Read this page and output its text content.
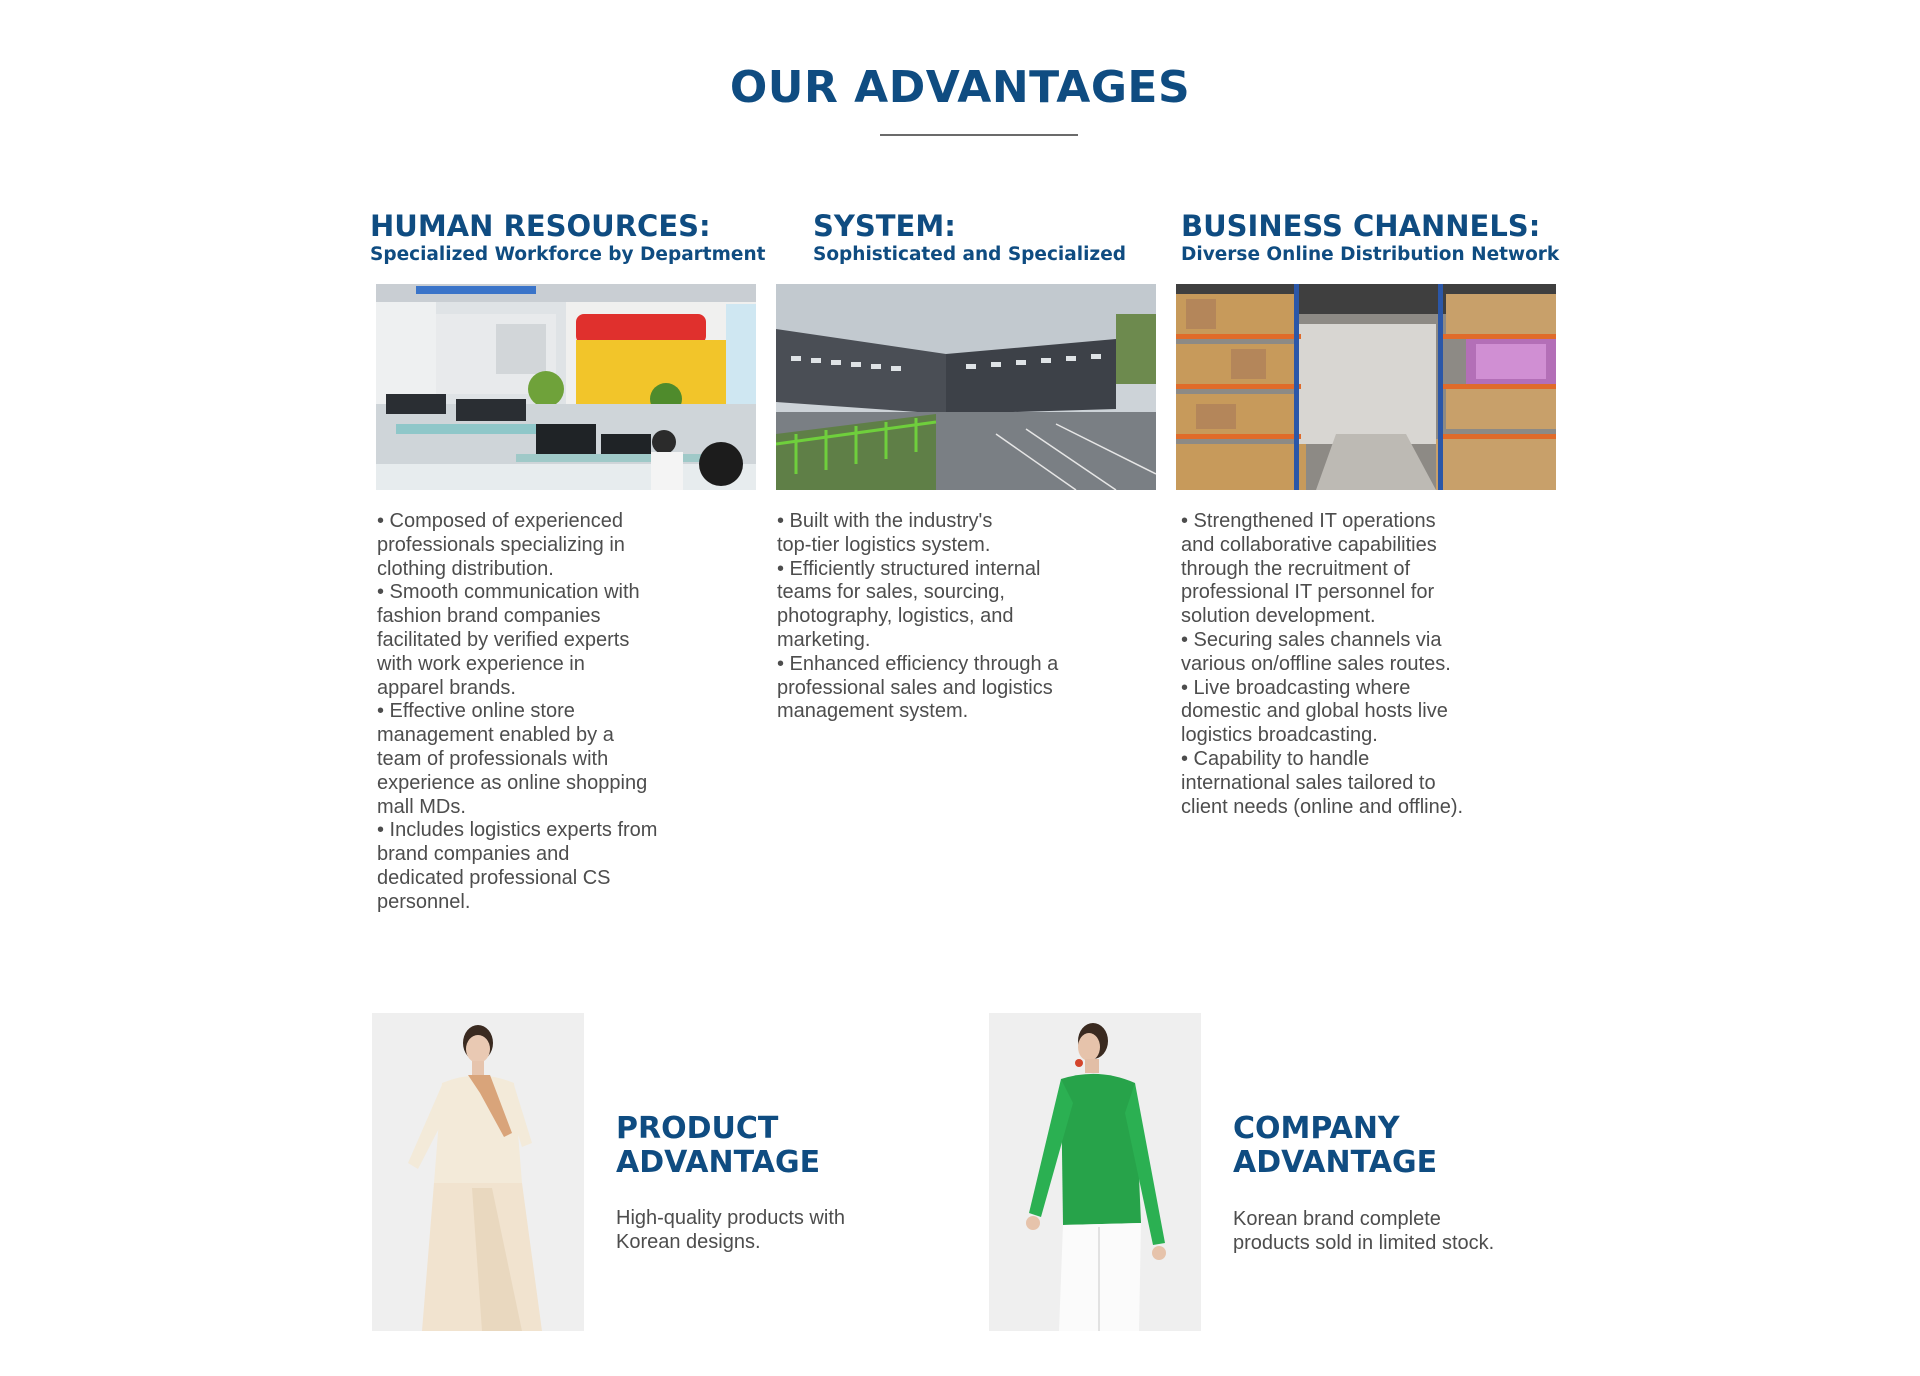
OUR ADVANTAGES
HUMAN RESOURCES:
Specialized Workforce by Department
SYSTEM:
Sophisticated and Specialized
BUSINESS CHANNELS:
Diverse Online Distribution Network
• Composed of experienced
professionals specializing in
clothing distribution.
• Smooth communication with
fashion brand companies
facilitated by verified experts
with work experience in
apparel brands.
• Effective online store
management enabled by a
team of professionals with
experience as online shopping
mall MDs.
• Includes logistics experts from
brand companies and
dedicated professional CS
personnel.
• Built with the industry's
top-tier logistics system.
• Efficiently structured internal
teams for sales, sourcing,
photography, logistics, and
marketing.
• Enhanced efficiency through a
professional sales and logistics
management system.
• Strengthened IT operations
and collaborative capabilities
through the recruitment of
professional IT personnel for
solution development.
• Securing sales channels via
various on/offline sales routes.
• Live broadcasting where
domestic and global hosts live
logistics broadcasting.
• Capability to handle
international sales tailored to
client needs (online and offline).
PRODUCT
ADVANTAGE
High-quality products with
Korean designs.
COMPANY
ADVANTAGE
Korean brand complete
products sold in limited stock.
